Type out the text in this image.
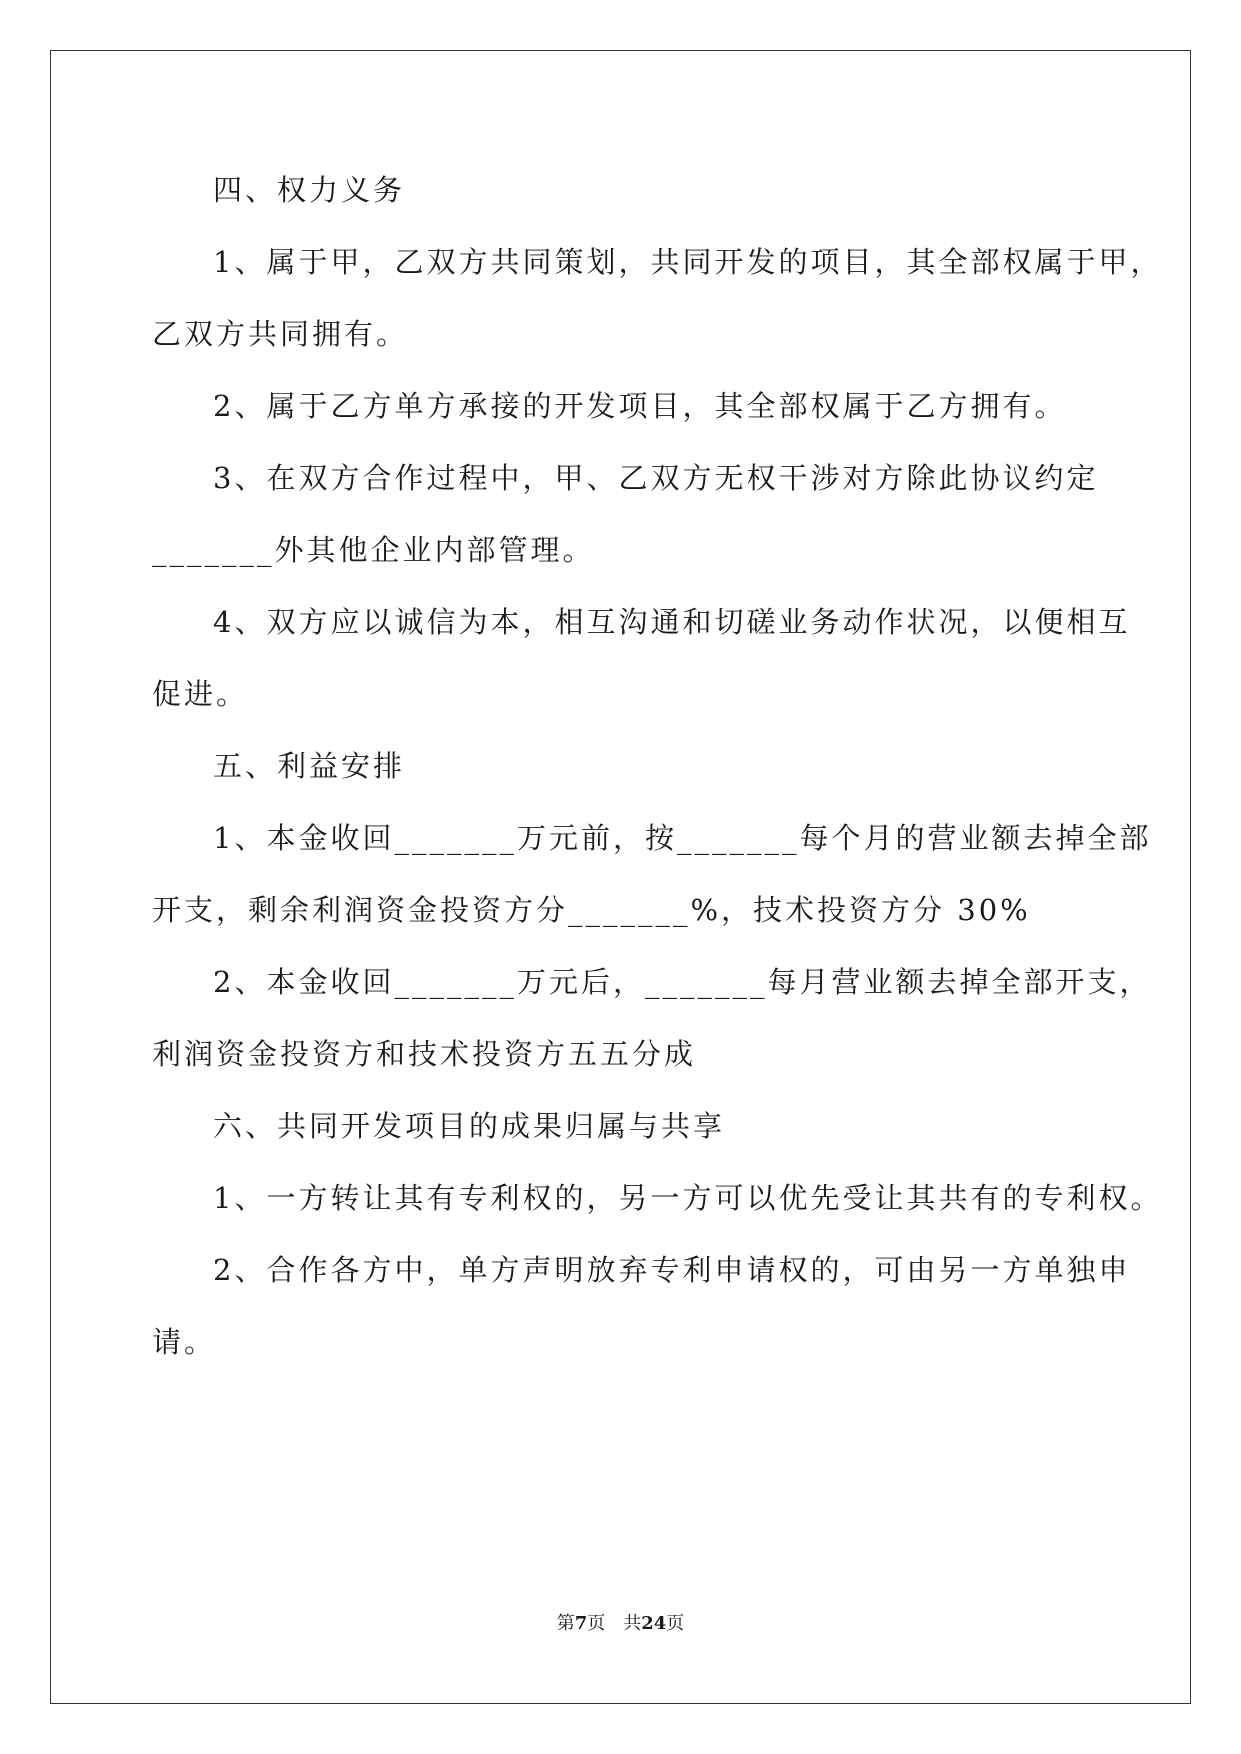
四、权力义务
1、属于甲，乙双方共同策划，共同开发的项目，其全部权属于甲，
乙双方共同拥有。
2、属于乙方单方承接的开发项目，其全部权属于乙方拥有。
3、在双方合作过程中，甲、乙双方无权干涉对方除此协议约定
_______外其他企业内部管理。
4、双方应以诚信为本，相互沟通和切磋业务动作状况，以便相互
促进。
五、利益安排
1、本金收回_______万元前，按_______每个月的营业额去掉全部
开支，剩余利润资金投资方分_______%，技术投资方分 30%
2、本金收回_______万元后，_______每月营业额去掉全部开支，
利润资金投资方和技术投资方五五分成
六、共同开发项目的成果归属与共享
1、一方转让其有专利权的，另一方可以优先受让其共有的专利权。
2、合作各方中，单方声明放弃专利申请权的，可由另一方单独申
请。
第7页　共24页
